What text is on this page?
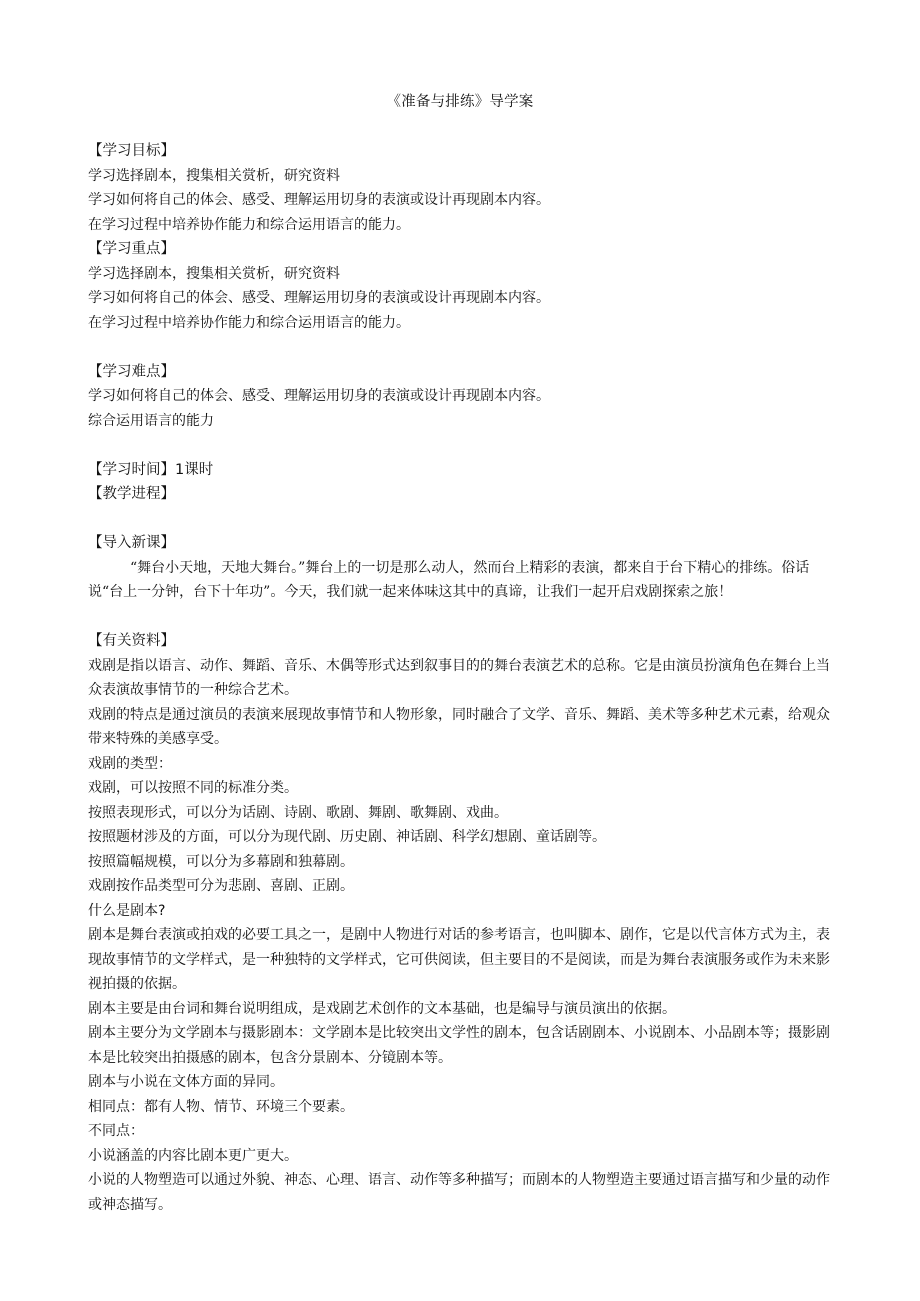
《准备与排练》导学案

【学习目标】

学习选择剧本，搜集相关赏析，研究资料

学习如何将自己的体会、感受、理解运用切身的表演或设计再现剧本内容。

在学习过程中培养协作能力和综合运用语言的能力。

【学习重点】

学习选择剧本，搜集相关赏析，研究资料

学习如何将自己的体会、感受、理解运用切身的表演或设计再现剧本内容。

在学习过程中培养协作能力和综合运用语言的能力。

【学习难点】

学习如何将自己的体会、感受、理解运用切身的表演或设计再现剧本内容。

综合运用语言的能力

【学习时间】1课时

【教学进程】

【导入新课】

“舞台小天地，天地大舞台。”舞台上的一切是那么动人，然而台上精彩的表演，都来自于台下精心的排练。俗话说“台上一分钟，台下十年功”。今天，我们就一起来体味这其中的真谛，让我们一起开启戏剧探索之旅！

【有关资料】

戏剧是指以语言、动作、舞蹈、音乐、木偶等形式达到叙事目的的舞台表演艺术的总称。它是由演员扮演角色在舞台上当众表演故事情节的一种综合艺术。

戏剧的特点是通过演员的表演来展现故事情节和人物形象，同时融合了文学、音乐、舞蹈、美术等多种艺术元素，给观众带来特殊的美感享受。

戏剧的类型：

戏剧，可以按照不同的标准分类。

按照表现形式，可以分为话剧、诗剧、歌剧、舞剧、歌舞剧、戏曲。

按照题材涉及的方面，可以分为现代剧、历史剧、神话剧、科学幻想剧、童话剧等。

按照篇幅规模，可以分为多幕剧和独幕剧。

戏剧按作品类型可分为悲剧、喜剧、正剧。

什么是剧本?

剧本是舞台表演或拍戏的必要工具之一，是剧中人物进行对话的参考语言，也叫脚本、剧作，它是以代言体方式为主，表现故事情节的文学样式，是一种独特的文学样式，它可供阅读，但主要目的不是阅读，而是为舞台表演服务或作为未来影视拍摄的依据。

剧本主要是由台词和舞台说明组成，是戏剧艺术创作的文本基础，也是编导与演员演出的依据。

剧本主要分为文学剧本与摄影剧本：文学剧本是比较突出文学性的剧本，包含话剧剧本、小说剧本、小品剧本等；摄影剧本是比较突出拍摄感的剧本，包含分景剧本、分镜剧本等。

剧本与小说在文体方面的异同。

相同点：都有人物、情节、环境三个要素。

不同点：

小说涵盖的内容比剧本更广更大。

小说的人物塑造可以通过外貌、神态、心理、语言、动作等多种描写；而剧本的人物塑造主要通过语言描写和少量的动作或神态描写。
